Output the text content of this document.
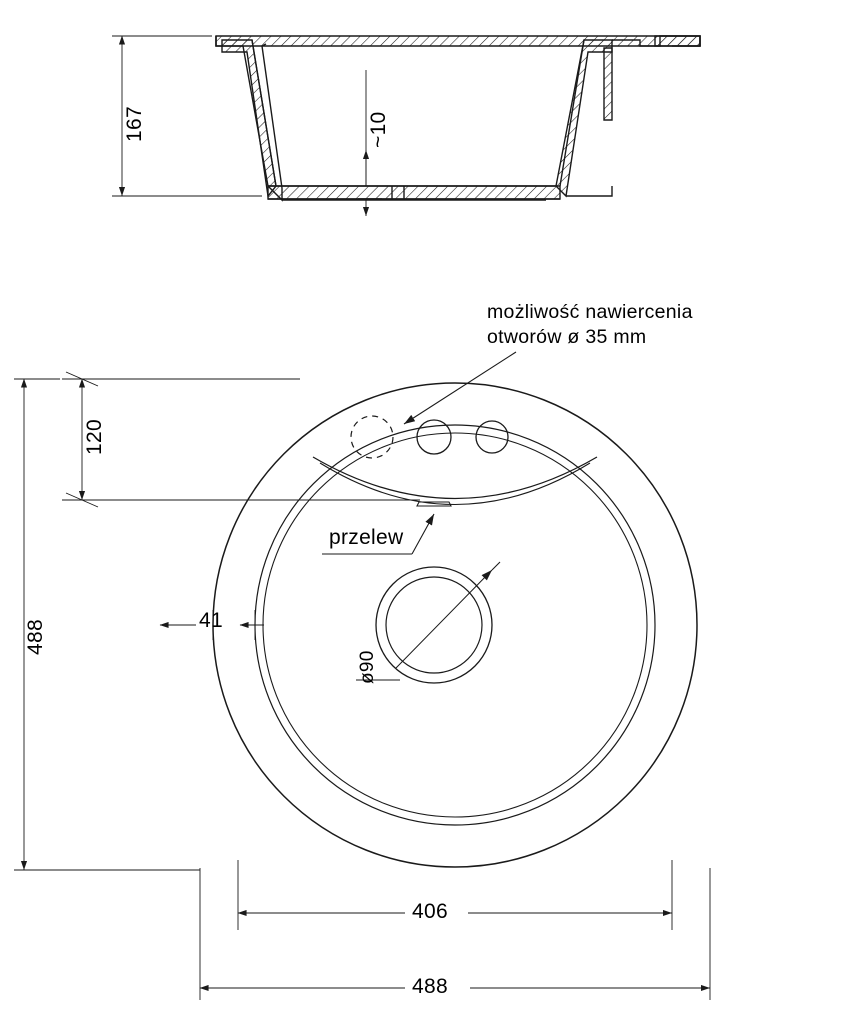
167	~10
możliwość nawiercenia
otworów ø 35 mm
przelew
120
488	41
ø90
406
488
